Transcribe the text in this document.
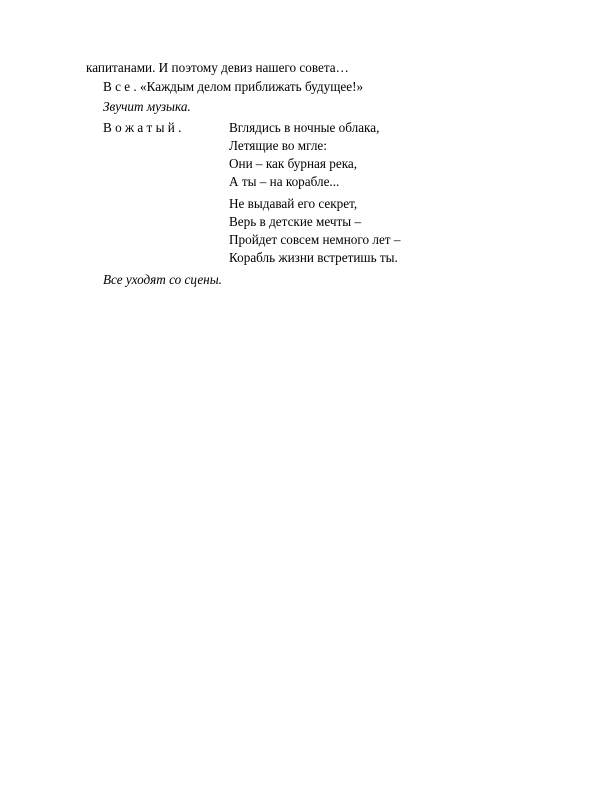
капитанами. И поэтому девиз нашего совета…
В с е . «Каждым делом приближать будущее!»
Звучит музыка.
В о ж а т ы й .	Вглядись в ночные облака,
Летящие во мгле:
Они – как бурная река,
А ты – на корабле...
Не выдавай его секрет,
Верь в детские мечты –
Пройдет совсем немного лет –
Корабль жизни встретишь ты.
Все уходят со сцены.
